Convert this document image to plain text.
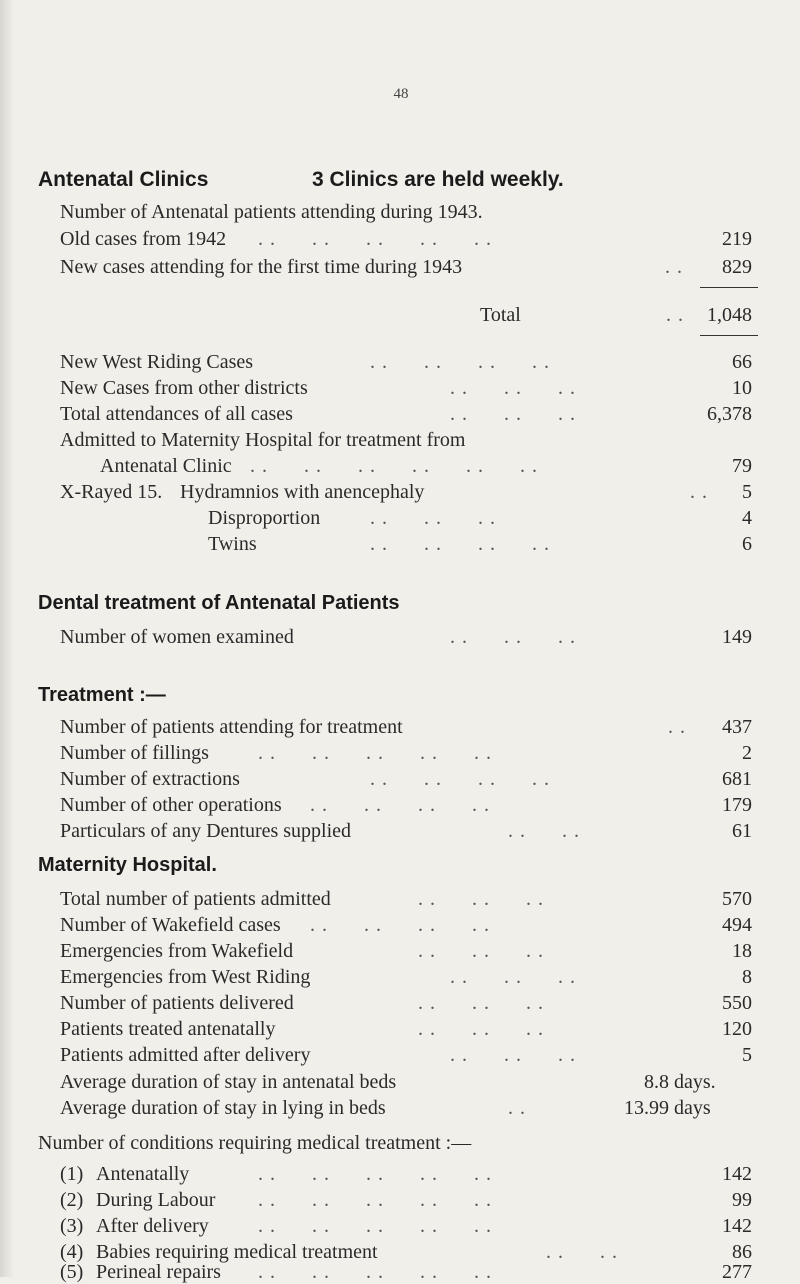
48
Antenatal Clinics	3 Clinics are held weekly.
Number of Antenatal patients attending during 1943.
Old cases from 1942 . .      . .      . .      . .      . .	219
New cases attending for the first time during 1943	. . 829
Total	. . 1,048
New West Riding Cases	. .      . .      . .      . .	66
New Cases from other districts	. .      . .      . .	10
Total attendances of all cases	. .      . .      . .	6,378
Admitted to Maternity Hospital for treatment from
Antenatal Clinic . .      . .      . .      . .      . .      . .	79
X-Rayed 15. Hydramnios with anencephaly	. . 5
Disproportion . .      . .      . .	4
Twins	. .      . .      . .      . .	6
Dental treatment of Antenatal Patients
Number of women examined	. .      . .      . .	149
Treatment :—
Number of patients attending for treatment	. . 437
Number of fillings . .      . .      . .      . .      . .	2
Number of extractions	. .      . .      . .      . .	681
Number of other operations . .      . .      . .      . .	179
Particulars of any Dentures supplied	. .      . .	61
Maternity Hospital.
Total number of patients admitted	. .      . .      . .	570
Number of Wakefield cases . .      . .      . .      . .	494
Emergencies from Wakefield	. .      . .      . .	18
Emergencies from West Riding	. .      . .      . .	8
Number of patients delivered	. .      . .      . .	550
Patients treated antenatally	. .      . .      . .	120
Patients admitted after delivery	. .      . .      . .	5
Average duration of stay in antenatal beds	8.8 days.
Average duration of stay in lying in beds	. .	13.99 days
Number of conditions requiring medical treatment :—
(1) Antenatally	. .      . .      . .      . .      . .	142
(2) During Labour . .      . .      . .      . .      . .	99
(3) After delivery . .      . .      . .      . .      . .	142
(4) Babies requiring medical treatment	. .      . .	86
(5) Perineal repairs . .      . .      . .      . .      . .	277
